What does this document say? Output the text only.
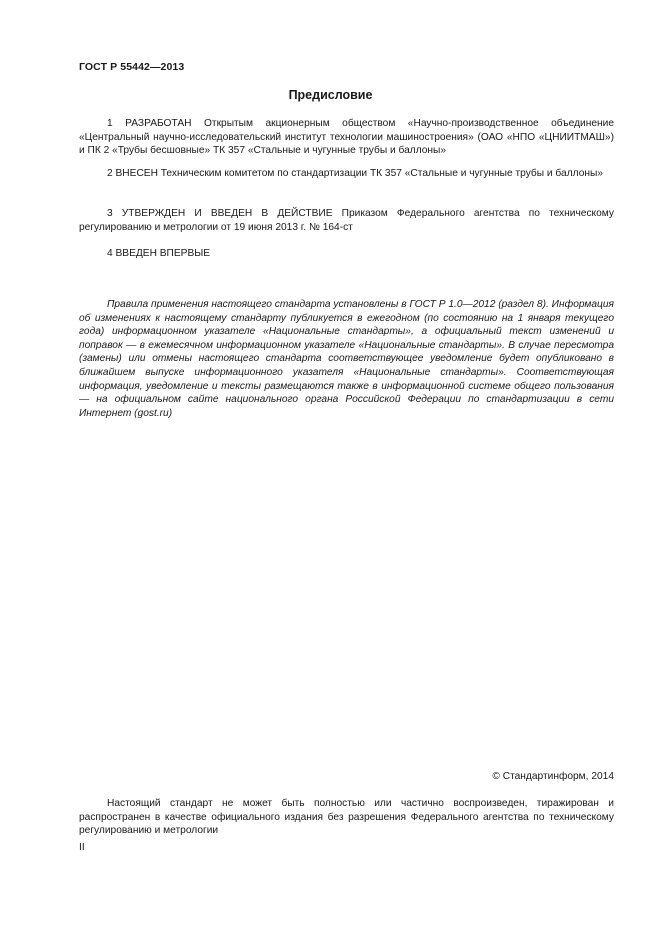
ГОСТ Р 55442—2013
Предисловие

1 РАЗРАБОТАН Открытым акционерным обществом «Научно-производственное объединение «Центральный научно-исследовательский институт технологии машиностроения» (ОАО «НПО «ЦНИИТМАШ») и ПК 2 «Трубы бесшовные» ТК 357 «Стальные и чугунные трубы и баллоны»

2 ВНЕСЕН Техническим комитетом по стандартизации ТК 357 «Стальные и чугунные трубы и баллоны»

3 УТВЕРЖДЕН И ВВЕДЕН В ДЕЙСТВИЕ Приказом Федерального агентства по техническому регулированию и метрологии от 19 июня 2013 г. № 164-ст

4 ВВЕДЕН ВПЕРВЫЕ

Правила применения настоящего стандарта установлены в ГОСТ Р 1.0—2012 (раздел 8). Информация об изменениях к настоящему стандарту публикуется в ежегодном (по состоянию на 1 января текущего года) информационном указателе «Национальные стандарты», а официальный текст изменений и поправок — в ежемесячном информационном указателе «Национальные стандарты». В случае пересмотра (замены) или отмены настоящего стандарта соответствующее уведомление будет опубликовано в ближайшем выпуске информационного указателя «Национальные стандарты». Соответствующая информация, уведомление и тексты размещаются также в информационной системе общего пользования — на официальном сайте национального органа Российской Федерации по стандартизации в сети Интернет (gost.ru)

© Стандартинформ, 2014

Настоящий стандарт не может быть полностью или частично воспроизведен, тиражирован и распространен в качестве официального издания без разрешения Федерального агентства по техническому регулированию и метрологии

II
